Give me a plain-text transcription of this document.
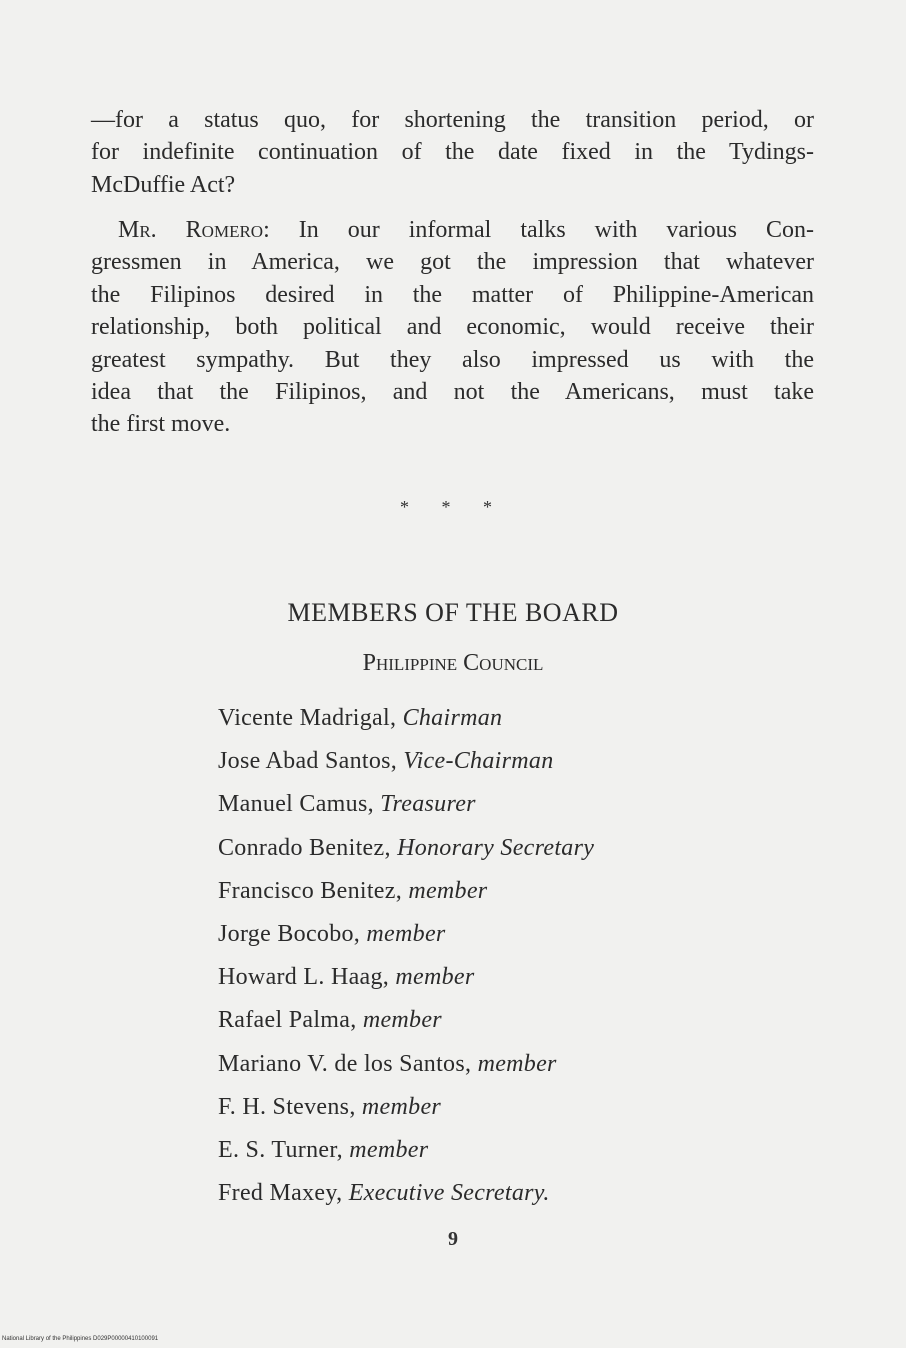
—for a status quo, for shortening the transition period, or
for indefinite continuation of the date fixed in the Tydings-
McDuffie Act?

Mr. Romero: In our informal talks with various Con-
gressmen in America, we got the impression that whatever
the Filipinos desired in the matter of Philippine-American
relationship, both political and economic, would receive their
greatest sympathy. But they also impressed us with the
idea that the Filipinos, and not the Americans, must take
the first move.

* * *
MEMBERS OF THE BOARD
Philippine Council
Vicente Madrigal, Chairman
Jose Abad Santos, Vice-Chairman
Manuel Camus, Treasurer
Conrado Benitez, Honorary Secretary
Francisco Benitez, member
Jorge Bocobo, member
Howard L. Haag, member
Rafael Palma, member
Mariano V. de los Santos, member
F. H. Stevens, member
E. S. Turner, member
Fred Maxey, Executive Secretary.
9
National Library of the Philippines D029P00000410100091
